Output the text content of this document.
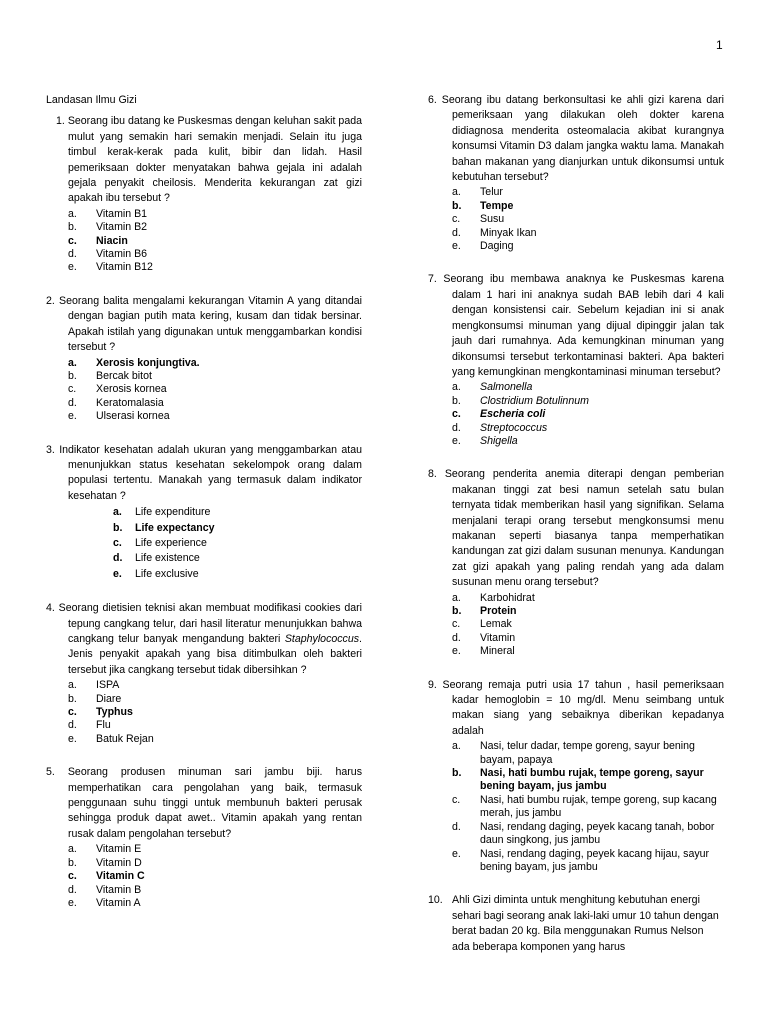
1
Landasan Ilmu Gizi
1. Seorang ibu datang ke Puskesmas dengan keluhan sakit pada mulut yang semakin hari semakin menjadi. Selain itu juga timbul kerak-kerak pada kulit, bibir dan lidah. Hasil pemeriksaan dokter menyatakan bahwa gejala ini adalah gejala penyakit cheilosis. Menderita kekurangan zat gizi apakah ibu tersebut ?
a.	Vitamin B1
b.	Vitamin B2
c.	Niacin
d.	Vitamin B6
e.	Vitamin B12
2. Seorang balita mengalami kekurangan Vitamin A yang ditandai dengan bagian putih mata kering, kusam dan tidak bersinar. Apakah istilah yang digunakan untuk menggambarkan kondisi tersebut ?
a.	Xerosis konjungtiva.
b.	Bercak bitot
c.	Xerosis kornea
d.	Keratomalasia
e.	Ulserasi kornea
3. Indikator kesehatan adalah ukuran yang menggambarkan atau menunjukkan status kesehatan sekelompok orang dalam populasi tertentu. Manakah yang termasuk dalam indikator kesehatan ?
a.	Life expenditure
b.	Life expectancy
c.	Life experience
d.	Life existence
e.	Life exclusive
4. Seorang dietisien teknisi akan membuat modifikasi cookies dari tepung cangkang telur, dari hasil literatur menunjukkan bahwa cangkang telur banyak mengandung bakteri Staphylococcus. Jenis penyakit apakah yang bisa ditimbulkan oleh bakteri tersebut jika cangkang tersebut tidak dibersihkan ?
a.	ISPA
b.	Diare
c.	Typhus
d.	Flu
e.	Batuk Rejan
5. Seorang produsen minuman sari jambu biji. harus memperhatikan cara pengolahan yang baik, termasuk penggunaan suhu tinggi untuk membunuh bakteri perusak sehingga produk dapat awet.. Vitamin apakah yang rentan rusak dalam pengolahan tersebut?
a.	Vitamin E
b.	Vitamin D
c.	Vitamin C
d.	Vitamin B
e.	Vitamin A
6. Seorang ibu datang berkonsultasi ke ahli gizi karena dari pemeriksaan yang dilakukan oleh dokter karena didiagnosa menderita osteomalacia akibat kurangnya konsumsi Vitamin D3 dalam jangka waktu lama. Manakah bahan makanan yang dianjurkan untuk dikonsumsi untuk kebutuhan tersebut?
a.	Telur
b.	Tempe
c.	Susu
d.	Minyak Ikan
e.	Daging
7. Seorang ibu membawa anaknya ke Puskesmas karena dalam 1 hari ini anaknya sudah BAB lebih dari 4 kali dengan konsistensi cair. Sebelum kejadian ini si anak mengkonsumsi minuman yang dijual dipinggir jalan tak jauh dari rumahnya. Ada kemungkinan minuman yang dikonsumsi tersebut terkontaminasi bakteri. Apa bakteri yang kemungkinan mengkontaminasi minuman tersebut?
a.	Salmonella
b.	Clostridium Botulinnum
c.	Escheria coli
d.	Streptococcus
e.	Shigella
8. Seorang penderita anemia diterapi dengan pemberian makanan tinggi zat besi namun setelah satu bulan ternyata tidak memberikan hasil yang signifikan. Selama menjalani terapi orang tersebut mengkonsumsi menu makanan seperti biasanya tanpa memperhatikan kandungan zat gizi dalam susunan menunya. Kandungan zat gizi apakah yang paling rendah yang ada dalam susunan menu orang tersebut?
a.	Karbohidrat
b.	Protein
c.	Lemak
d.	Vitamin
e.	Mineral
9. Seorang remaja putri usia 17 tahun , hasil pemeriksaan kadar hemoglobin = 10 mg/dl. Menu seimbang untuk makan siang yang sebaiknya diberikan kepadanya adalah
a.	Nasi, telur dadar, tempe goreng, sayur bening bayam, papaya
b.	Nasi, hati bumbu rujak, tempe goreng, sayur bening bayam, jus jambu
c.	Nasi, hati bumbu rujak, tempe goreng, sup kacang merah, jus jambu
d.	Nasi, rendang daging, peyek kacang tanah, bobor daun singkong, jus jambu
e.	Nasi, rendang daging, peyek kacang hijau, sayur bening bayam, jus jambu
10. Ahli Gizi diminta untuk menghitung kebutuhan energi sehari bagi seorang anak laki-laki umur 10 tahun dengan berat badan 20 kg. Bila menggunakan Rumus Nelson ada beberapa komponen yang harus
